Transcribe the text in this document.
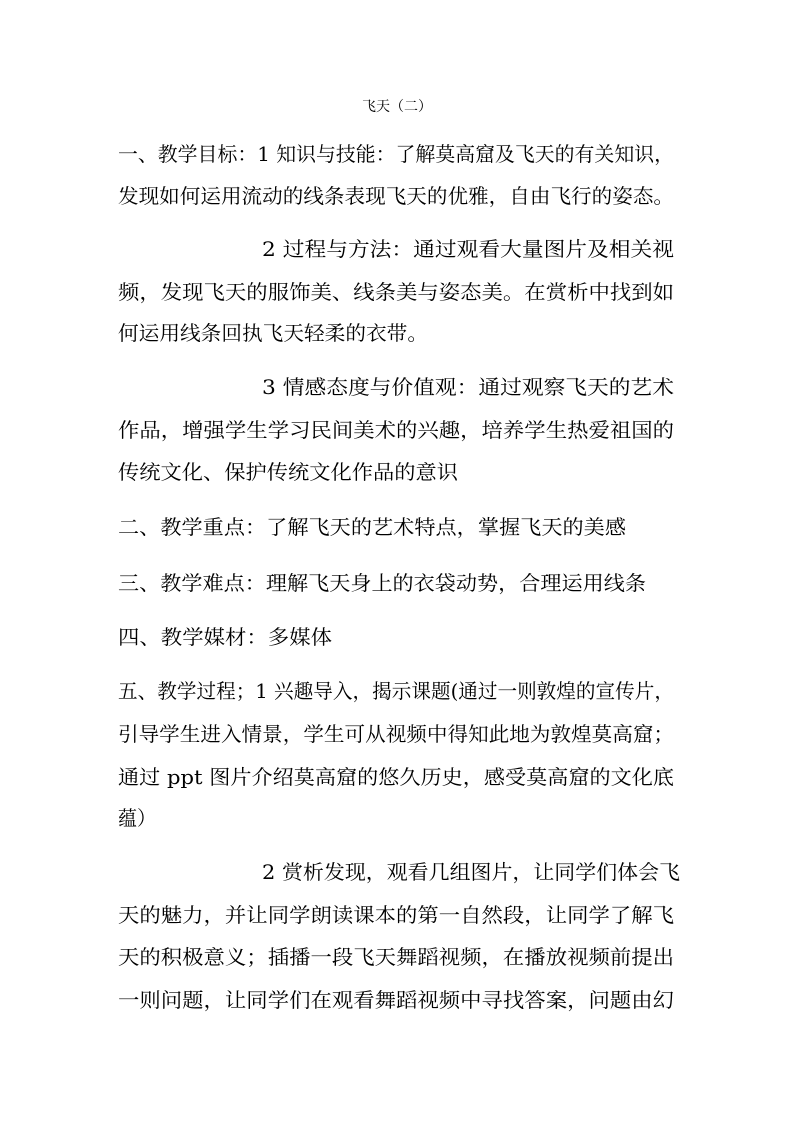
飞天（二）
一、教学目标：1 知识与技能：了解莫高窟及飞天的有关知识，
发现如何运用流动的线条表现飞天的优雅，自由飞行的姿态。
2 过程与方法：通过观看大量图片及相关视
频，发现飞天的服饰美、线条美与姿态美。在赏析中找到如
何运用线条回执飞天轻柔的衣带。
3 情感态度与价值观：通过观察飞天的艺术
作品，增强学生学习民间美术的兴趣，培养学生热爱祖国的
传统文化、保护传统文化作品的意识
二、教学重点：了解飞天的艺术特点，掌握飞天的美感
三、教学难点：理解飞天身上的衣袋动势，合理运用线条
四、教学媒材：多媒体
五、教学过程；1 兴趣导入，揭示课题(通过一则敦煌的宣传片，
引导学生进入情景，学生可从视频中得知此地为敦煌莫高窟；
通过 ppt 图片介绍莫高窟的悠久历史，感受莫高窟的文化底
蕴）
2 赏析发现，观看几组图片，让同学们体会飞
天的魅力，并让同学朗读课本的第一自然段，让同学了解飞
天的积极意义；插播一段飞天舞蹈视频，在播放视频前提出
一则问题，让同学们在观看舞蹈视频中寻找答案，问题由幻
